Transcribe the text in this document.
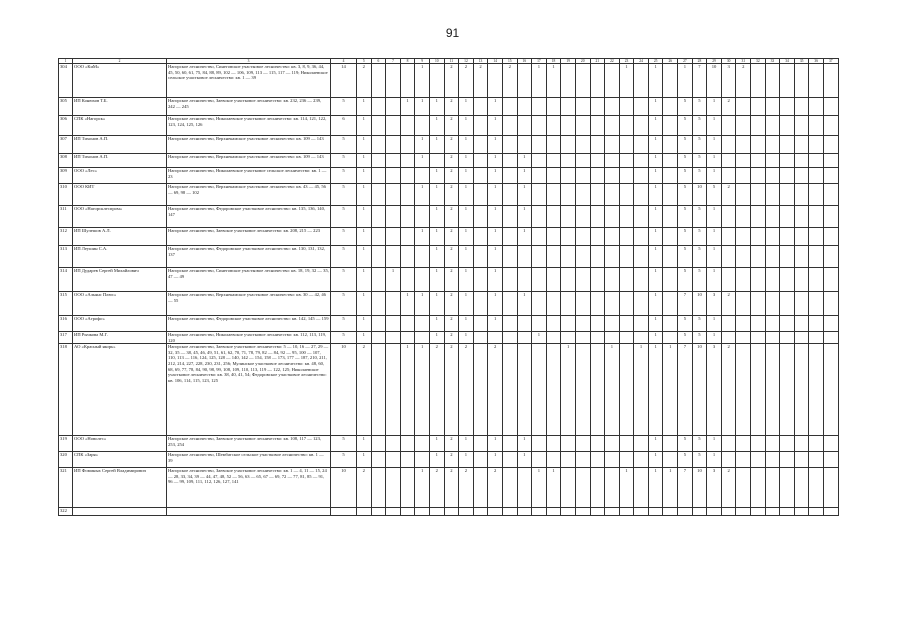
91
1	2	3	4	5	6	7	8	9	10	11	12	13	14	15	16	17	18	19	20	21	22	23	24	25	26	27	28	29	30	31	32	33	34	35	36	37
304	ООО «КиМ»	Нагорское лесничество, Синеговское участковое лесничество: кв. 3, 8, 9, 36, 44, 45, 50, 60, 61, 75, 84, 88, 89, 102 — 106, 109, 113 — 115, 117 — 119; Николаевское сельское участковое лесничество: кв. 1 — 39	14	2				1		2	2	2		2		1	1					1		1		1	7	10	3	2						
305	ИП Конюхов Т.Б.	Нагорское лесничество, Заевское участковое лесничество: кв. 232, 236 — 239, 242 — 245	5	1			1	1	1	2	1		1											1		5	5	1	2							
306	СПК «Нагорск»	Нагорское лесничество, Николаевское участковое лесничество: кв. 114, 121, 122, 123, 124, 125, 126	6	1					1	2	1		1											1		5	5	1								
307	ИП Тихонов А.П.	Нагорское лесничество, Верхнекамское участковое лесничество: кв. 109 — 143	5	1				1	1	2	1		1											1		5	5	1								
308	ИП Тихонов А.П.	Нагорское лесничество, Верхнекамское участковое лесничество: кв. 109 — 143	5	1				1		2	1		1		1									1		5	5	1								
309	ООО «Лес»	Нагорское лесничество, Николаевское участковое сельское лесничество: кв. 1 — 23	5	1					1	2	1		1		1									1		5	5	1								
310	ООО КИТ	Нагорское лесничество, Верхнекамское участковое лесничество: кв. 43 — 45, 56 — 69, 98 — 102	5	1				1	1	2	1		1		1									1		5	10	5	2							
311	ООО «Нагорсклеспром»	Нагорское лесничество, Федоровское участковое лесничество: кв. 135, 136, 140, 147	5	1					1	2	1		1		1									1		5	5	1								
312	ИП Шулешов А.Л.	Нагорское лесничество, Заевское участковое лесничество: кв. 208, 215 — 223	5	1				1	1	2	1		1		1									1		5	5	1								
313	ИП Леушин С.А.	Нагорское лесничество, Федоровское участковое лесничество: кв. 130, 131, 132, 137	5	1					1	2	1		1											1		5	5	1								
314	ИП Дударев Сергей Михайлович	Нагорское лесничество, Синеговское участковое лесничество: кв. 18, 19, 32 — 35, 47 — 49	5	1		1			1	2	1		1											1		5	5	1								
315	ООО «Альянс Плюс»	Нагорское лесничество, Верхнекамское участковое лесничество: кв. 30 — 42, 46 — 55	5	1			1	1	1	2	1		1		1									1		7	10	3	2							
316	ООО «Агрофо»	Нагорское лесничество, Федоровское участковое лесничество: кв. 142, 145 — 159	5	1					1	2	1		1											1		5	5	1								
317	ИП Рычкова М.Г.	Нагорское лесничество, Николаевское участковое лесничество: кв. 112, 113, 119, 120	5	1					1	2	1					1								1		5	5	1								
318	АО «Красный якорь»	Нагорское лесничество, Заевское участковое лесничество: 5 — 10, 16 — 27, 29 — 32, 35 — 38, 45, 46, 49, 51, 61, 62, 70, 71, 78, 79, 82 — 84, 92 — 95, 100 — 107, 110, 113 — 116, 124, 125, 128 — 140, 142 — 154, 158 — 173, 177 — 187, 210, 211, 212, 214, 227, 228, 230, 231, 256; Мулинское участковое лесничество: кв. 48, 60, 68, 69, 77, 78, 84, 90, 98, 99, 108, 109, 110, 113, 119 — 122, 125; Николаевское участковое лесничество: кв. 38, 40, 41, 54; Федоровское участковое лесничество: кв. 106, 114, 115, 123, 125	10	2			1	1	2	2	2		2					1			1		1	1	1	7	10	3	2							
319	ООО «Новолес»	Нагорское лесничество, Заевское участковое лесничество: кв. 108, 117 — 123, 253, 254	5	1					1	2	1		1		1									1		5	5	1								
320	СПК «Заря»	Нагорское лесничество, Шембатское сельское участковое лесничество: кв. 1 — 39	5	1					1	2	1		1		1									1		5	5	1								
321	ИП Фоминых Сергей Владимирович	Нагорское лесничество, Заевское участковое лесничество: кв. 1 — 4, 11 — 15, 24 — 28, 33, 34, 39 — 44, 47, 48, 52 — 56, 63 — 65, 67 — 69, 72 — 77, 81, 85 — 91, 96 — 99, 109, 111, 112, 126, 127, 141	10	2				1	2	2	2		2			1	1					1		1	1	7	10	3	2							
322																																				
